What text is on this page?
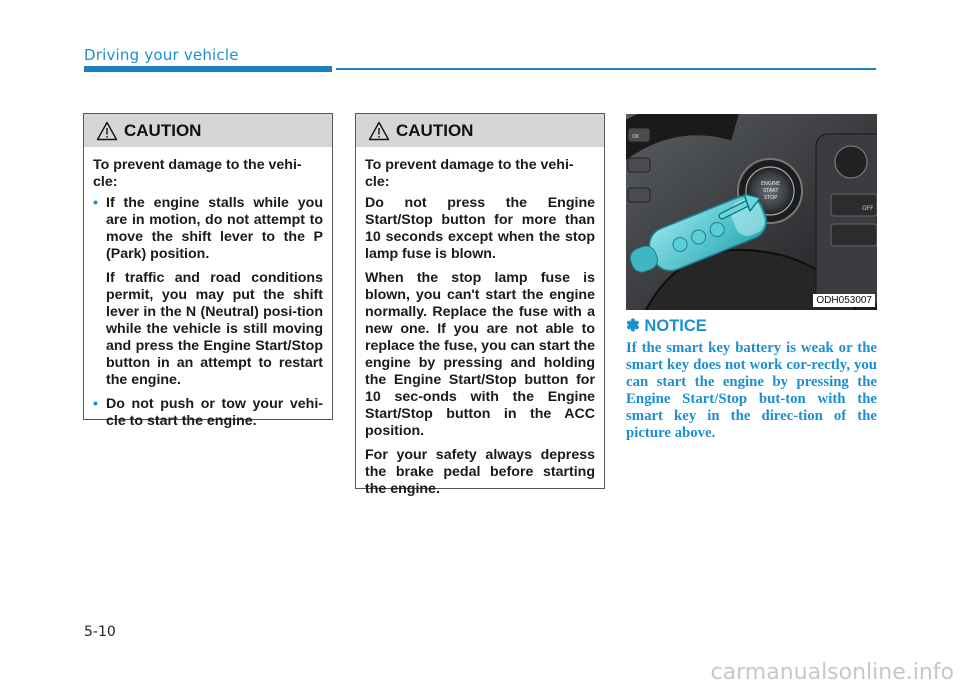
Driving your vehicle
CAUTION

To prevent damage to the vehi-cle:

• If the engine stalls while you are in motion, do not attempt to move the shift lever to the P (Park) position.

If traffic and road conditions permit, you may put the shift lever in the N (Neutral) posi-tion while the vehicle is still moving and press the Engine Start/Stop button in an attempt to restart the engine.

• Do not push or tow your vehi-cle to start the engine.

CAUTION

To prevent damage to the vehi-cle:

Do not press the Engine Start/Stop button for more than 10 seconds except when the stop lamp fuse is blown.

When the stop lamp fuse is blown, you can't start the engine normally. Replace the fuse with a new one. If you are not able to replace the fuse, you can start the engine by pressing and holding the Engine Start/Stop button for 10 sec-onds with the Engine Start/Stop button in the ACC position.

For your safety always depress the brake pedal before starting the engine.

OFF
OK
ENGINE
START
STOP
ODH053007
✽ NOTICE
If the smart key battery is weak or the smart key does not work cor-rectly, you can start the engine by pressing the Engine Start/Stop but-ton with the smart key in the direc-tion of the picture above.
5-10
carmanualsonline.info
